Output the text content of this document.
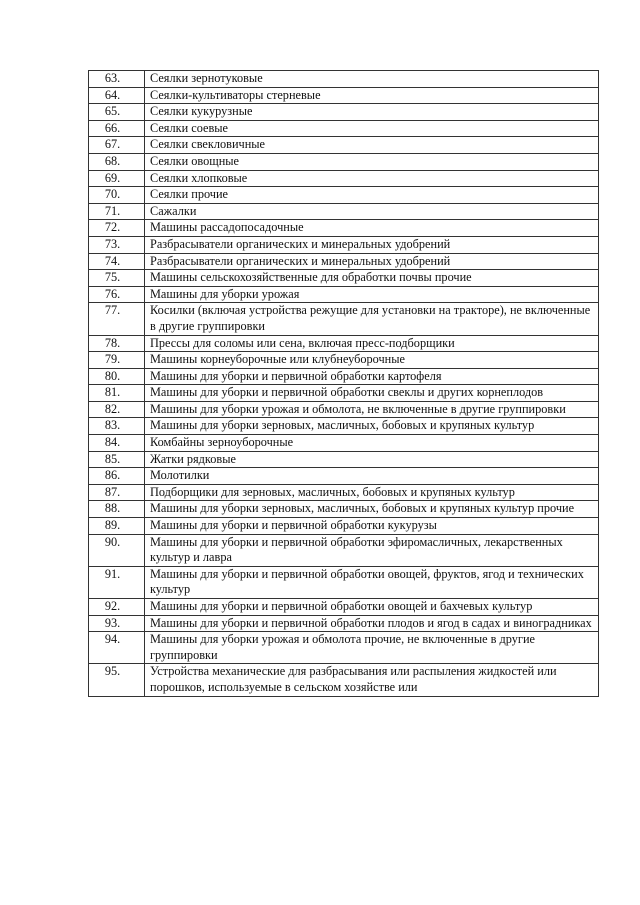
63.	Сеялки зернотуковые
64.	Сеялки-культиваторы стерневые
65.	Сеялки кукурузные
66.	Сеялки соевые
67.	Сеялки свекловичные
68.	Сеялки овощные
69.	Сеялки хлопковые
70.	Сеялки прочие
71.	Сажалки
72.	Машины рассадопосадочные
73.	Разбрасыватели органических и минеральных удобрений
74.	Разбрасыватели органических и минеральных удобрений
75.	Машины сельскохозяйственные для обработки почвы прочие
76.	Машины для уборки урожая
77.	Косилки (включая устройства режущие для установки на тракторе), не включенные в другие группировки
78.	Прессы для соломы или сена, включая пресс-подборщики
79.	Машины корнеуборочные или клубнеуборочные
80.	Машины для уборки и первичной обработки картофеля
81.	Машины для уборки и первичной обработки свеклы и других корнеплодов
82.	Машины для уборки урожая и обмолота, не включенные в другие группировки
83.	Машины для уборки зерновых, масличных, бобовых и крупяных культур
84.	Комбайны зерноуборочные
85.	Жатки рядковые
86.	Молотилки
87.	Подборщики для зерновых, масличных, бобовых и крупяных культур
88.	Машины для уборки зерновых, масличных, бобовых и крупяных культур прочие
89.	Машины для уборки и первичной обработки кукурузы
90.	Машины для уборки и первичной обработки эфиромасличных, лекарственных культур и лавра
91.	Машины для уборки и первичной обработки овощей, фруктов, ягод и технических культур
92.	Машины для уборки и первичной обработки овощей и бахчевых культур
93.	Машины для уборки и первичной обработки плодов и ягод в садах и виноградниках
94.	Машины для уборки урожая и обмолота прочие, не включенные в другие группировки
95.	Устройства механические для разбрасывания или распыления жидкостей или порошков, используемые в сельском хозяйстве или
